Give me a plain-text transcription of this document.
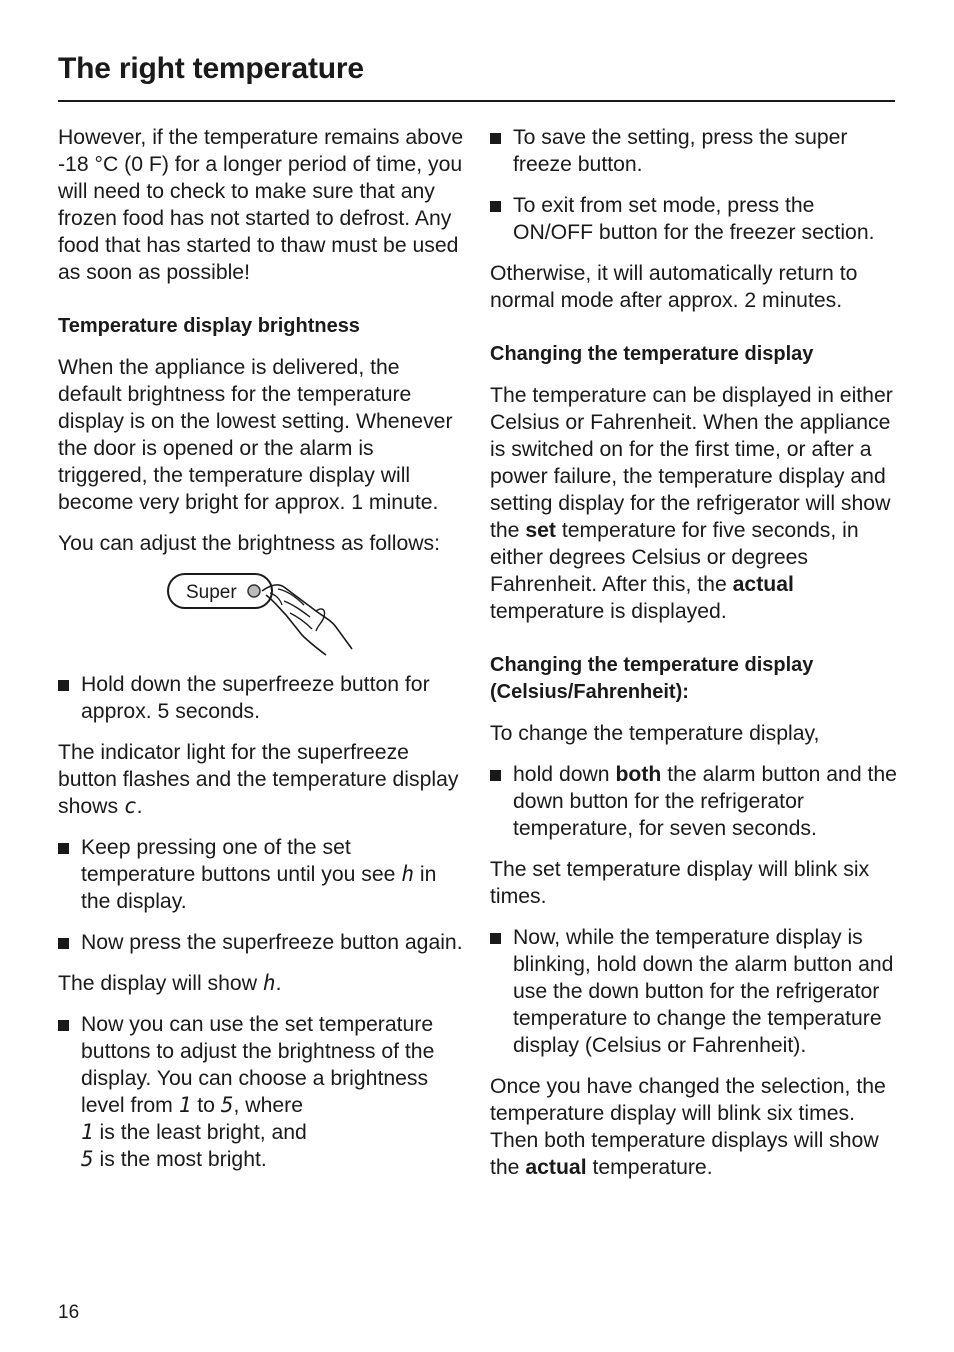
The right temperature

However, if the temperature remains above -18 °C (0 F) for a longer period of time, you will need to check to make sure that any frozen food has not started to defrost. Any food that has started to thaw must be used as soon as possible!

Temperature display brightness

When the appliance is delivered, the default brightness for the temperature display is on the lowest setting. Whenever the door is opened or the alarm is triggered, the temperature display will become very bright for approx. 1 minute.

You can adjust the brightness as follows:

Super
Hold down the superfreeze button for approx. 5 seconds.

The indicator light for the superfreeze button flashes and the temperature display shows c.

Keep pressing one of the set temperature buttons until you see h in the display.
Now press the superfreeze button again.

The display will show h.

Now you can use the set temperature buttons to adjust the brightness of the display. You can choose a brightness level from 1 to 5, where
1 is the least bright, and
5 is the most bright.
To save the setting, press the super freeze button.
To exit from set mode, press the ON/OFF button for the freezer section.

Otherwise, it will automatically return to normal mode after approx. 2 minutes.

Changing the temperature display

The temperature can be displayed in either Celsius or Fahrenheit. When the appliance is switched on for the first time, or after a power failure, the temperature display and setting display for the refrigerator will show the set temperature for five seconds, in either degrees Celsius or degrees Fahrenheit. After this, the actual temperature is displayed.

Changing the temperature display (Celsius/Fahrenheit):

To change the temperature display,

hold down both the alarm button and the down button for the refrigerator temperature, for seven seconds.

The set temperature display will blink six times.

Now, while the temperature display is blinking, hold down the alarm button and use the down button for the refrigerator temperature to change the temperature display (Celsius or Fahrenheit).

Once you have changed the selection, the temperature display will blink six times. Then both temperature displays will show the actual temperature.

16
